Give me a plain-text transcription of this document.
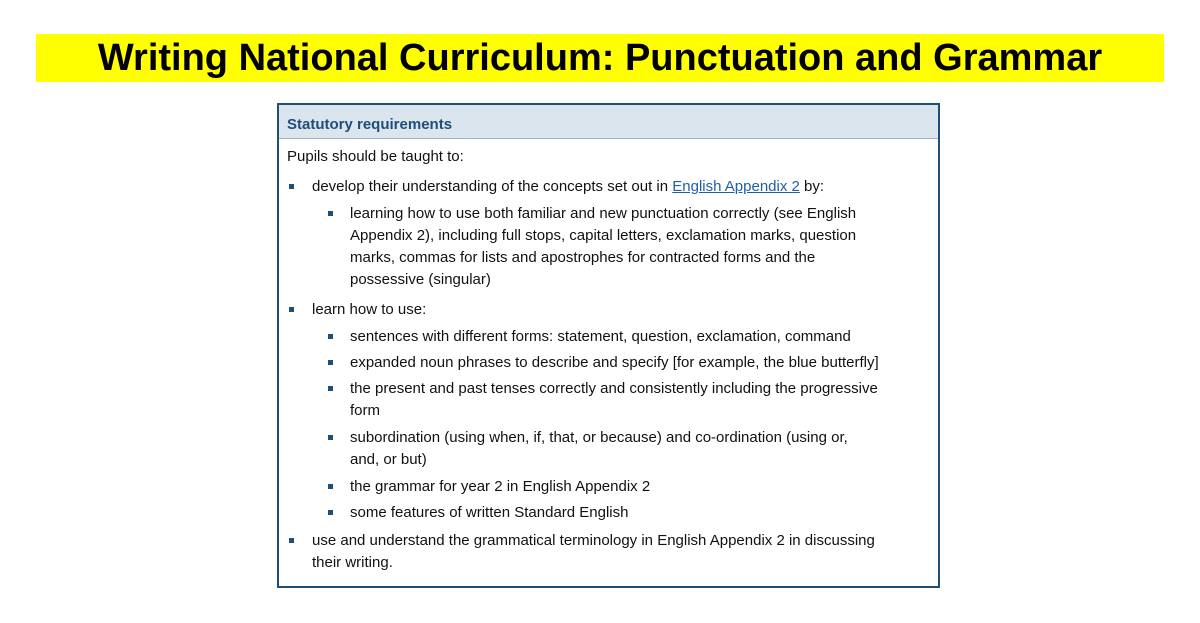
Writing National Curriculum: Punctuation and Grammar
Statutory requirements
Pupils should be taught to:
develop their understanding of the concepts set out in English Appendix 2 by:
learning how to use both familiar and new punctuation correctly (see English
Appendix 2), including full stops, capital letters, exclamation marks, question
marks, commas for lists and apostrophes for contracted forms and the
possessive (singular)
learn how to use:
sentences with different forms: statement, question, exclamation, command
expanded noun phrases to describe and specify [for example, the blue butterfly]
the present and past tenses correctly and consistently including the progressive
form
subordination (using when, if, that, or because) and co-ordination (using or,
and, or but)
the grammar for year 2 in English Appendix 2
some features of written Standard English
use and understand the grammatical terminology in English Appendix 2 in discussing
their writing.
